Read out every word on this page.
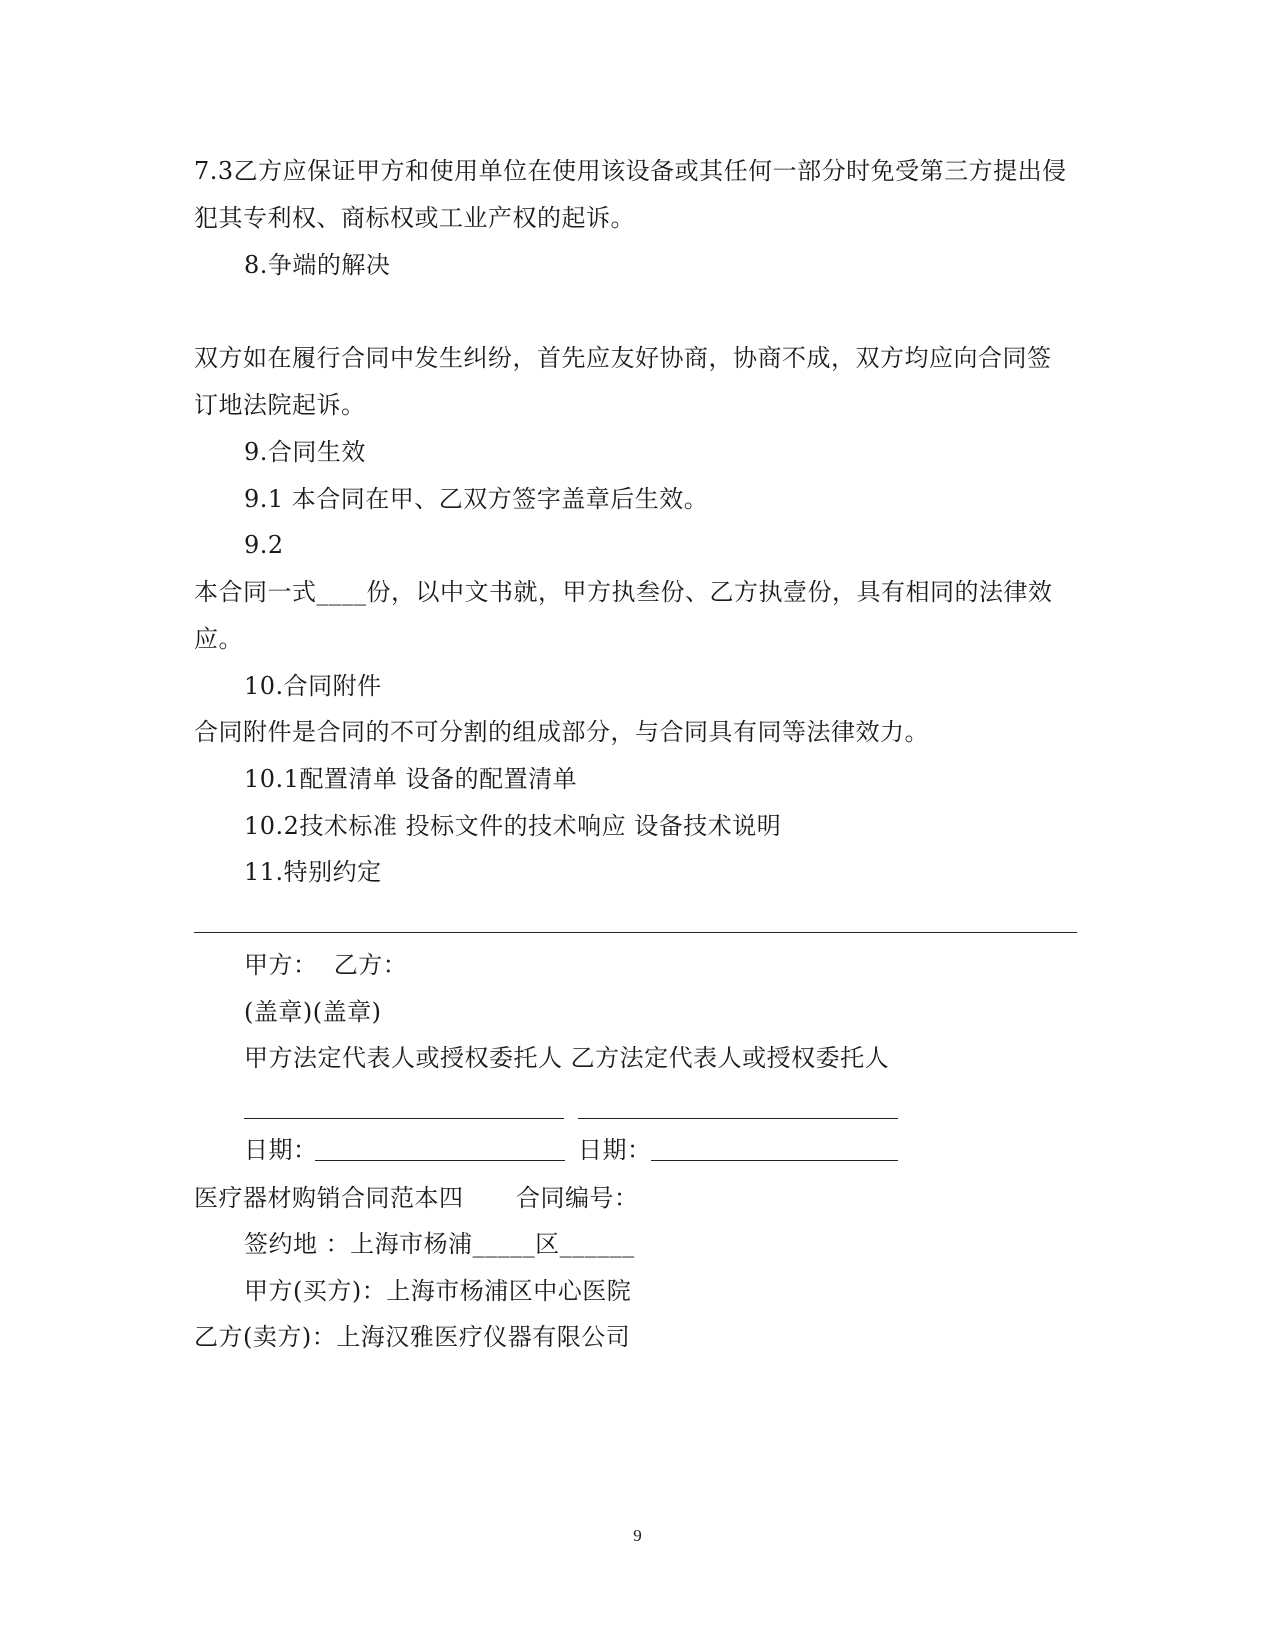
7.3乙方应保证甲方和使用单位在使用该设备或其任何一部分时免受第三方提出侵
犯其专利权、商标权或工业产权的起诉。
8.争端的解决
双方如在履行合同中发生纠纷，首先应友好协商，协商不成，双方均应向合同签
订地法院起诉。
9.合同生效
9.1 本合同在甲、乙双方签字盖章后生效。
9.2
本合同一式____份，以中文书就，甲方执叁份、乙方执壹份，具有相同的法律效
应。
10.合同附件
合同附件是合同的不可分割的组成部分，与合同具有同等法律效力。
10.1配置清单 设备的配置清单
10.2技术标准 投标文件的技术响应 设备技术说明
11.特别约定
甲方：  乙方：
(盖章)(盖章)
甲方法定代表人或授权委托人 乙方法定代表人或授权委托人
日期：	日期：
医疗器材购销合同范本四 合同编号：
签约地 ：上海市杨浦_____区______
甲方(买方)：上海市杨浦区中心医院
乙方(卖方)：上海汉雅医疗仪器有限公司
9
